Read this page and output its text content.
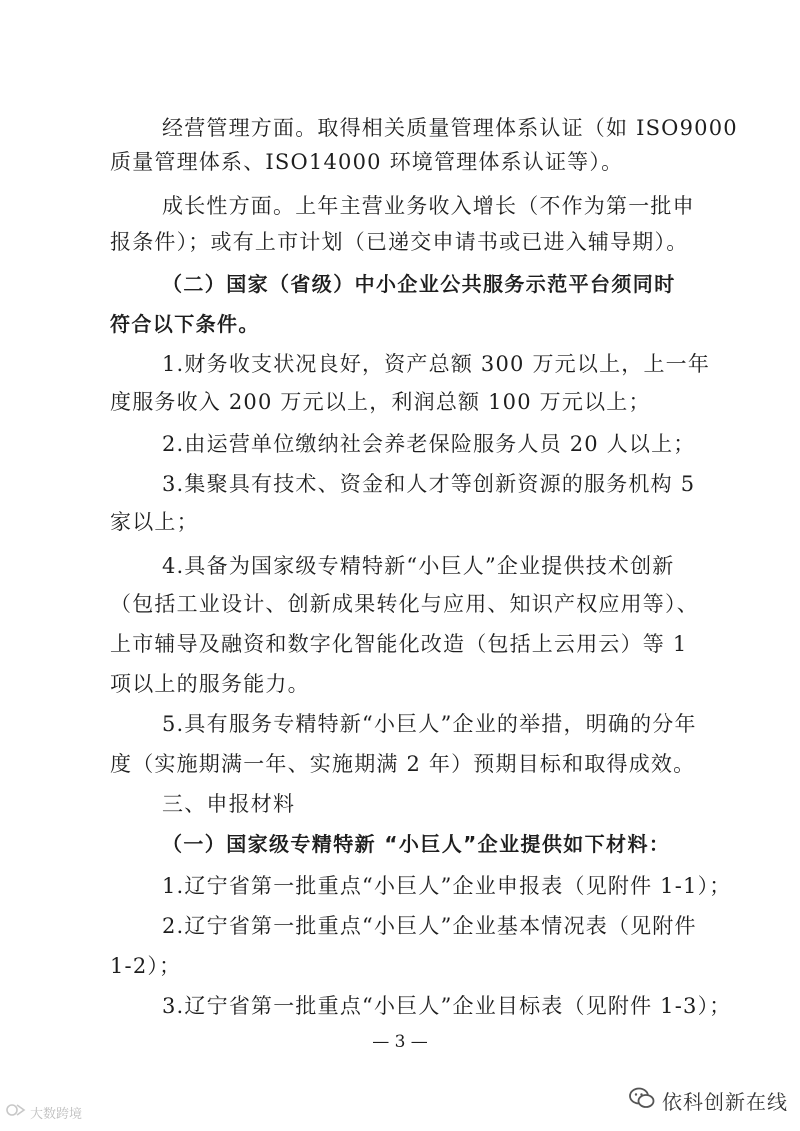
经营管理方面。取得相关质量管理体系认证（如 ISO9000
质量管理体系、ISO14000 环境管理体系认证等）。
成长性方面。上年主营业务收入增长（不作为第一批申
报条件）；或有上市计划（已递交申请书或已进入辅导期）。
（二）国家（省级）中小企业公共服务示范平台须同时
符合以下条件。
1.财务收支状况良好，资产总额 300 万元以上，上一年
度服务收入 200 万元以上，利润总额 100 万元以上；
2.由运营单位缴纳社会养老保险服务人员 20 人以上；
3.集聚具有技术、资金和人才等创新资源的服务机构 5
家以上；
4.具备为国家级专精特新“小巨人”企业提供技术创新
（包括工业设计、创新成果转化与应用、知识产权应用等）、
上市辅导及融资和数字化智能化改造（包括上云用云）等 1
项以上的服务能力。
5.具有服务专精特新“小巨人”企业的举措，明确的分年
度（实施期满一年、实施期满 2 年）预期目标和取得成效。
三、申报材料
（一）国家级专精特新 “小巨人”企业提供如下材料：
1.辽宁省第一批重点“小巨人”企业申报表（见附件 1-1）；
2.辽宁省第一批重点“小巨人”企业基本情况表（见附件
1-2）；
3.辽宁省第一批重点“小巨人”企业目标表（见附件 1-3）；
— 3 —
依科创新在线
大数跨境
